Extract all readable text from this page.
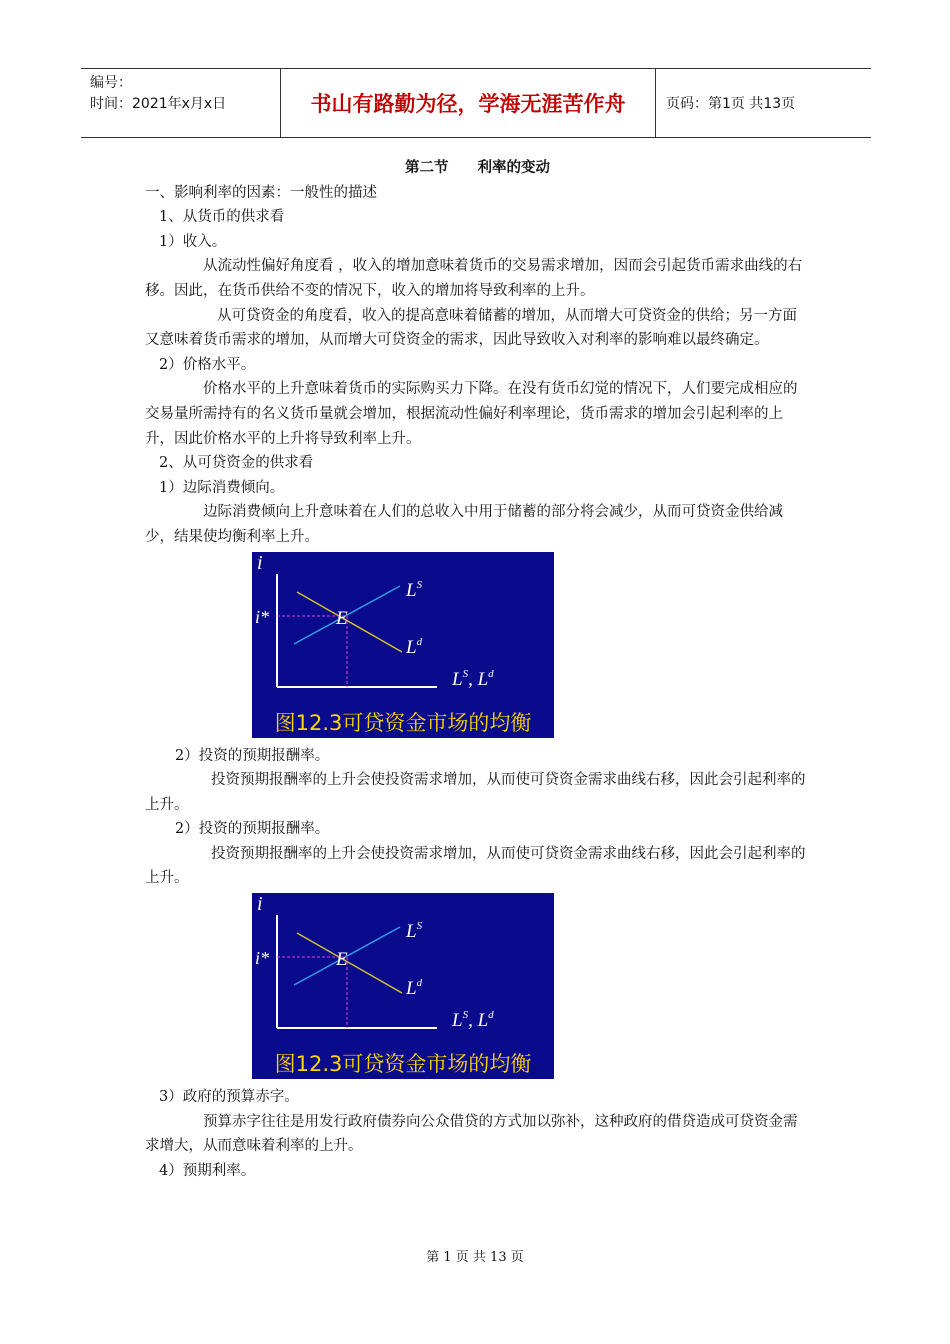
编号：
时间：2021年x月x日	书山有路勤为径，学海无涯苦作舟	页码：第1页 共13页

第二节　　利率的变动

一、影响利率的因素：一般性的描述

1、从货币的供求看

1）收入。

从流动性偏好角度看 ，收入的增加意味着货币的交易需求增加，因而会引起货币需求曲线的右移。因此，在货币供给不变的情况下，收入的增加将导致利率的上升。

从可贷资金的角度看，收入的提高意味着储蓄的增加，从而增大可贷资金的供给；另一方面又意味着货币需求的增加，从而增大可贷资金的需求，因此导致收入对利率的影响难以最终确定。

2）价格水平。

价格水平的上升意味着货币的实际购买力下降。在没有货币幻觉的情况下，人们要完成相应的交易量所需持有的名义货币量就会增加，根据流动性偏好利率理论，货币需求的增加会引起利率的上升，因此价格水平的上升将导致利率上升。

2、从可贷资金的供求看

1）边际消费倾向。

边际消费倾向上升意味着在人们的总收入中用于储蓄的部分将会减少，从而可贷资金供给减少，结果使均衡利率上升。

i
i*	E
$L^S$
$L^d$
$L^S$, $L^d$
图12.3可贷资金市场的均衡

2）投资的预期报酬率。

投资预期报酬率的上升会使投资需求增加，从而使可贷资金需求曲线右移，因此会引起利率的上升。

2）投资的预期报酬率。

投资预期报酬率的上升会使投资需求增加，从而使可贷资金需求曲线右移，因此会引起利率的上升。

i
i*	E
$L^S$
$L^d$
$L^S$, $L^d$
图12.3可贷资金市场的均衡

3）政府的预算赤字。

预算赤字往往是用发行政府债券向公众借贷的方式加以弥补，这种政府的借贷造成可贷资金需求增大，从而意味着利率的上升。

4）预期利率。

第 1 页 共 13 页
